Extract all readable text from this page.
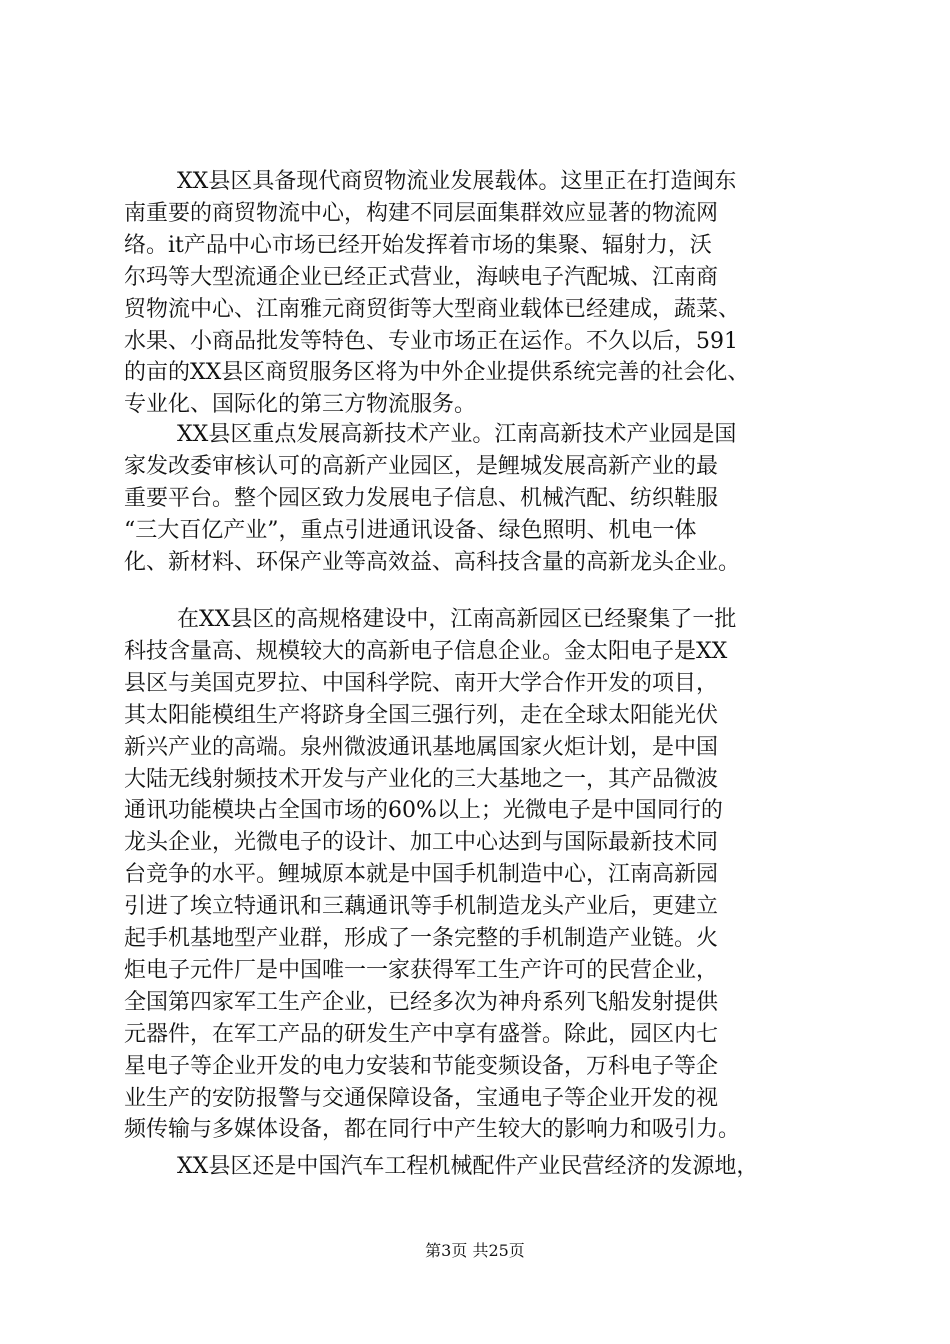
XX县区具备现代商贸物流业发展载体。这里正在打造闽东
南重要的商贸物流中心，构建不同层面集群效应显著的物流网
络。it产品中心市场已经开始发挥着市场的集聚、辐射力，沃
尔玛等大型流通企业已经正式营业，海峡电子汽配城、江南商
贸物流中心、江南雅元商贸街等大型商业载体已经建成，蔬菜、
水果、小商品批发等特色、专业市场正在运作。不久以后，591
的亩的XX县区商贸服务区将为中外企业提供系统完善的社会化、
专业化、国际化的第三方物流服务。
XX县区重点发展高新技术产业。江南高新技术产业园是国
家发改委审核认可的高新产业园区，是鲤城发展高新产业的最
重要平台。整个园区致力发展电子信息、机械汽配、纺织鞋服
“三大百亿产业”，重点引进通讯设备、绿色照明、机电一体
化、新材料、环保产业等高效益、高科技含量的高新龙头企业。
在XX县区的高规格建设中，江南高新园区已经聚集了一批
科技含量高、规模较大的高新电子信息企业。金太阳电子是XX
县区与美国克罗拉、中国科学院、南开大学合作开发的项目，
其太阳能模组生产将跻身全国三强行列，走在全球太阳能光伏
新兴产业的高端。泉州微波通讯基地属国家火炬计划，是中国
大陆无线射频技术开发与产业化的三大基地之一，其产品微波
通讯功能模块占全国市场的60%以上；光微电子是中国同行的
龙头企业，光微电子的设计、加工中心达到与国际最新技术同
台竞争的水平。鲤城原本就是中国手机制造中心，江南高新园
引进了埃立特通讯和三藕通讯等手机制造龙头产业后，更建立
起手机基地型产业群，形成了一条完整的手机制造产业链。火
炬电子元件厂是中国唯一一家获得军工生产许可的民营企业，
全国第四家军工生产企业，已经多次为神舟系列飞船发射提供
元器件，在军工产品的研发生产中享有盛誉。除此，园区内七
星电子等企业开发的电力安装和节能变频设备，万科电子等企
业生产的安防报警与交通保障设备，宝通电子等企业开发的视
频传输与多媒体设备，都在同行中产生较大的影响力和吸引力。
XX县区还是中国汽车工程机械配件产业民营经济的发源地，
第3页 共25页
